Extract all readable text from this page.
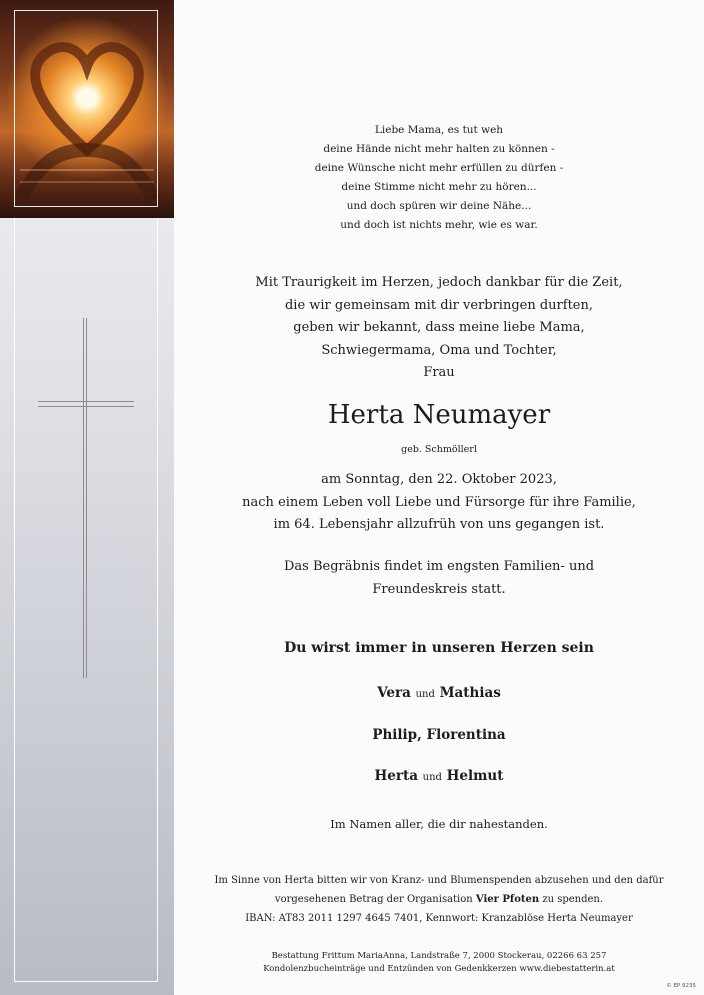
Liebe Mama, es tut weh
deine Hände nicht mehr halten zu können -
deine Wünsche nicht mehr erfüllen zu dürfen -
deine Stimme nicht mehr zu hören...
und doch spüren wir deine Nähe...
und doch ist nichts mehr, wie es war.
Mit Traurigkeit im Herzen, jedoch dankbar für die Zeit,
die wir gemeinsam mit dir verbringen durften,
geben wir bekannt, dass meine liebe Mama,
Schwiegermama, Oma und Tochter,
Frau
Herta Neumayer
geb. Schmöllerl
am Sonntag, den 22. Oktober 2023,
nach einem Leben voll Liebe und Fürsorge für ihre Familie,
im 64. Lebensjahr allzufrüh von uns gegangen ist.
Das Begräbnis findet im engsten Familien- und
Freundeskreis statt.
Du wirst immer in unseren Herzen sein
Vera und Mathias
Philip, Florentina
Herta und Helmut
Im Namen aller, die dir nahestanden.
Im Sinne von Herta bitten wir von Kranz- und Blumenspenden abzusehen und den dafür
vorgesehenen Betrag der Organisation Vier Pfoten zu spenden.
IBAN: AT83 2011 1297 4645 7401, Kennwort: Kranzablöse Herta Neumayer
Bestattung Frittum MariaAnna, Landstraße 7, 2000 Stockerau, 02266 63 257
Kondolenzbucheinträge und Entzünden von Gedenkkerzen www.diebestatterin.at
© EP 9235
